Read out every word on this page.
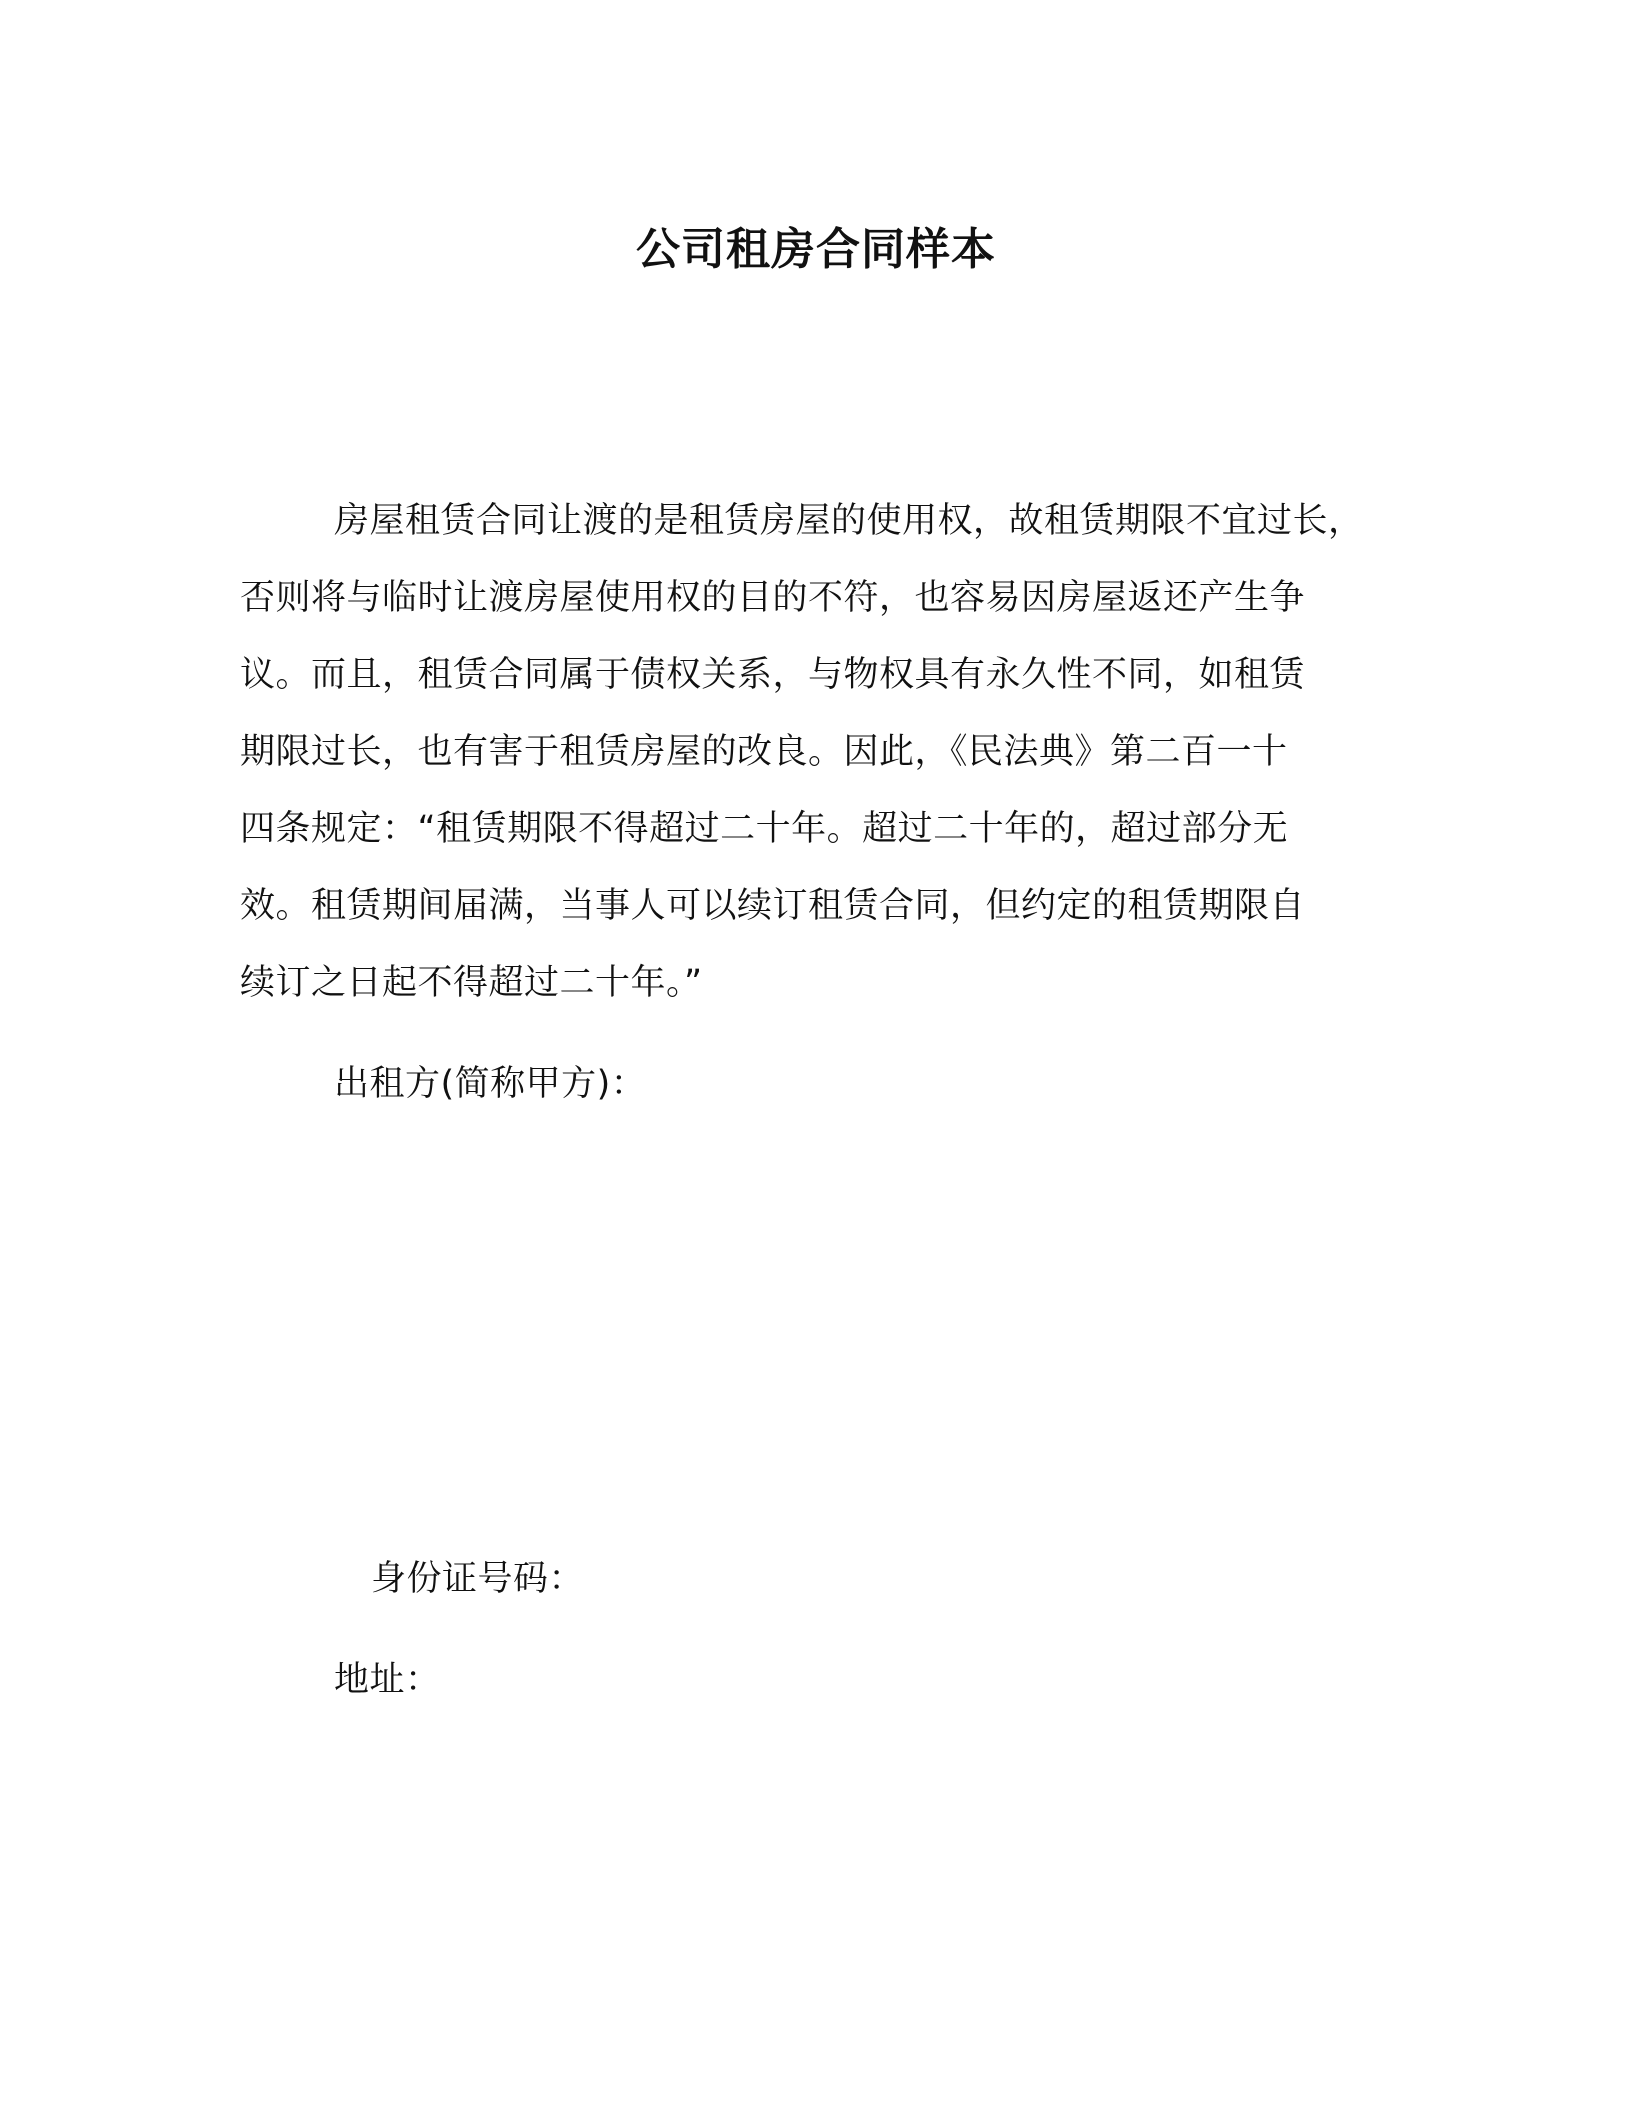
公司租房合同样本
房屋租赁合同让渡的是租赁房屋的使用权，故租赁期限不宜过长，
否则将与临时让渡房屋使用权的目的不符，也容易因房屋返还产生争
议。而且，租赁合同属于债权关系，与物权具有永久性不同，如租赁
期限过长，也有害于租赁房屋的改良。因此，《民法典》第二百一十
四条规定：“租赁期限不得超过二十年。超过二十年的，超过部分无
效。租赁期间届满，当事人可以续订租赁合同，但约定的租赁期限自
续订之日起不得超过二十年。”
出租方(简称甲方)：
身份证号码：
地址：
